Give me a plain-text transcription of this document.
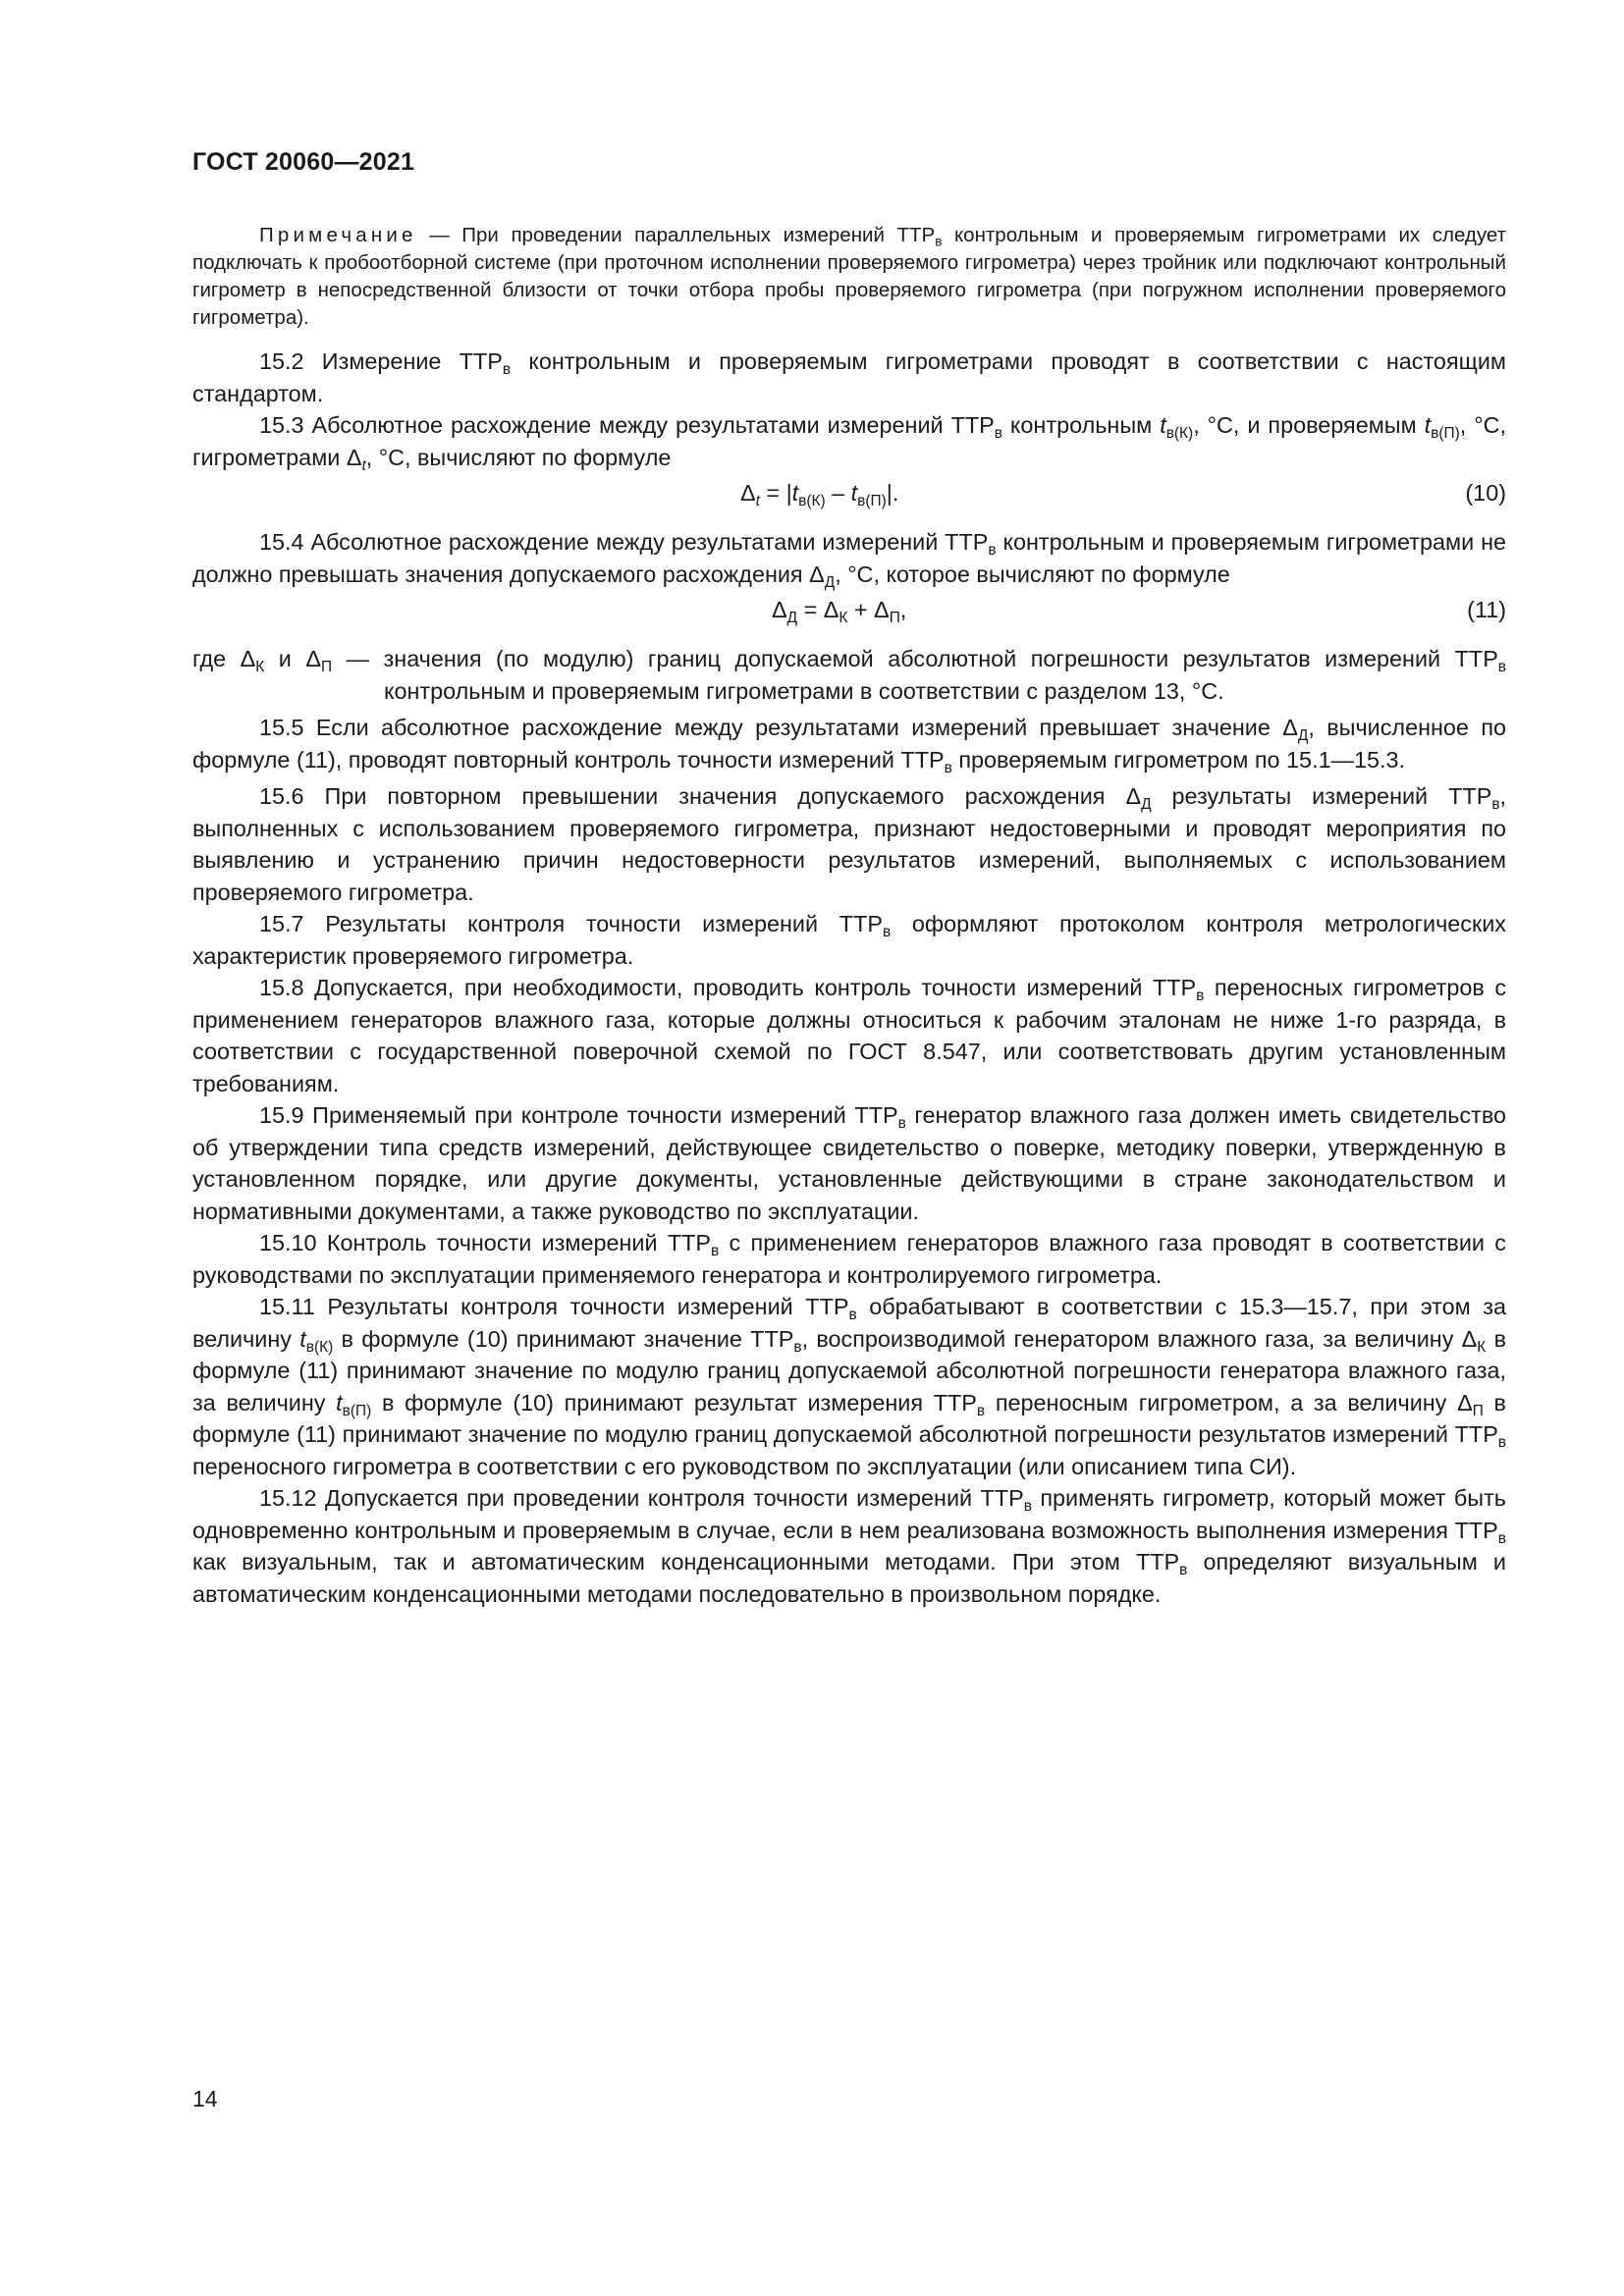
ГОСТ 20060—2021

Примечание — При проведении параллельных измерений $ТТР_в$ контрольным и проверяемым гигрометрами их следует подключать к пробоотборной системе (при проточном исполнении проверяемого гигрометра) через тройник или подключают контрольный гигрометр в непосредственной близости от точки отбора пробы проверяемого гигрометра (при погружном исполнении проверяемого гигрометра).

15.2 Измерение $ТТР_в$ контрольным и проверяемым гигрометрами проводят в соответствии с настоящим стандартом.

15.3 Абсолютное расхождение между результатами измерений $ТТР_в$ контрольным $t_{в(К)}$, °С, и проверяемым $t_{в(П)}$, °С, гигрометрами $\Delta_t$, °С, вычисляют по формуле

$\Delta_t = |t_{в(К)} - t_{в(П)}|$.	(10)

15.4 Абсолютное расхождение между результатами измерений $ТТР_в$ контрольным и проверяемым гигрометрами не должно превышать значения допускаемого расхождения $\Delta_Д$, °С, которое вычисляют по формуле

$\Delta_Д = \Delta_К + \Delta_П$,	(11)

где $\Delta_К$ и $\Delta_П$ — значения (по модулю) границ допускаемой абсолютной погрешности результатов измерений $ТТР_в$ контрольным и проверяемым гигрометрами в соответствии с разделом 13, °С.

15.5 Если абсолютное расхождение между результатами измерений превышает значение $\Delta_Д$, вычисленное по формуле (11), проводят повторный контроль точности измерений $ТТР_в$ проверяемым гигрометром по 15.1—15.3.

15.6 При повторном превышении значения допускаемого расхождения $\Delta_Д$ результаты измерений $ТТР_в$, выполненных с использованием проверяемого гигрометра, признают недостоверными и проводят мероприятия по выявлению и устранению причин недостоверности результатов измерений, выполняемых с использованием проверяемого гигрометра.

15.7 Результаты контроля точности измерений $ТТР_в$ оформляют протоколом контроля метрологических характеристик проверяемого гигрометра.

15.8 Допускается, при необходимости, проводить контроль точности измерений $ТТР_в$ переносных гигрометров с применением генераторов влажного газа, которые должны относиться к рабочим эталонам не ниже 1-го разряда, в соответствии с государственной поверочной схемой по ГОСТ 8.547, или соответствовать другим установленным требованиям.

15.9 Применяемый при контроле точности измерений $ТТР_в$ генератор влажного газа должен иметь свидетельство об утверждении типа средств измерений, действующее свидетельство о поверке, методику поверки, утвержденную в установленном порядке, или другие документы, установленные действующими в стране законодательством и нормативными документами, а также руководство по эксплуатации.

15.10 Контроль точности измерений $ТТР_в$ с применением генераторов влажного газа проводят в соответствии с руководствами по эксплуатации применяемого генератора и контролируемого гигрометра.

15.11 Результаты контроля точности измерений $ТТР_в$ обрабатывают в соответствии с 15.3—15.7, при этом за величину $t_{в(К)}$ в формуле (10) принимают значение $ТТР_в$, воспроизводимой генератором влажного газа, за величину $\Delta_К$ в формуле (11) принимают значение по модулю границ допускаемой абсолютной погрешности генератора влажного газа, за величину $t_{в(П)}$ в формуле (10) принимают результат измерения $ТТР_в$ переносным гигрометром, а за величину $\Delta_П$ в формуле (11) принимают значение по модулю границ допускаемой абсолютной погрешности результатов измерений $ТТР_в$ переносного гигрометра в соответствии с его руководством по эксплуатации (или описанием типа СИ).

15.12 Допускается при проведении контроля точности измерений $ТТР_в$ применять гигрометр, который может быть одновременно контрольным и проверяемым в случае, если в нем реализована возможность выполнения измерения $ТТР_в$ как визуальным, так и автоматическим конденсационными методами. При этом $ТТР_в$ определяют визуальным и автоматическим конденсационными методами последовательно в произвольном порядке.

14
